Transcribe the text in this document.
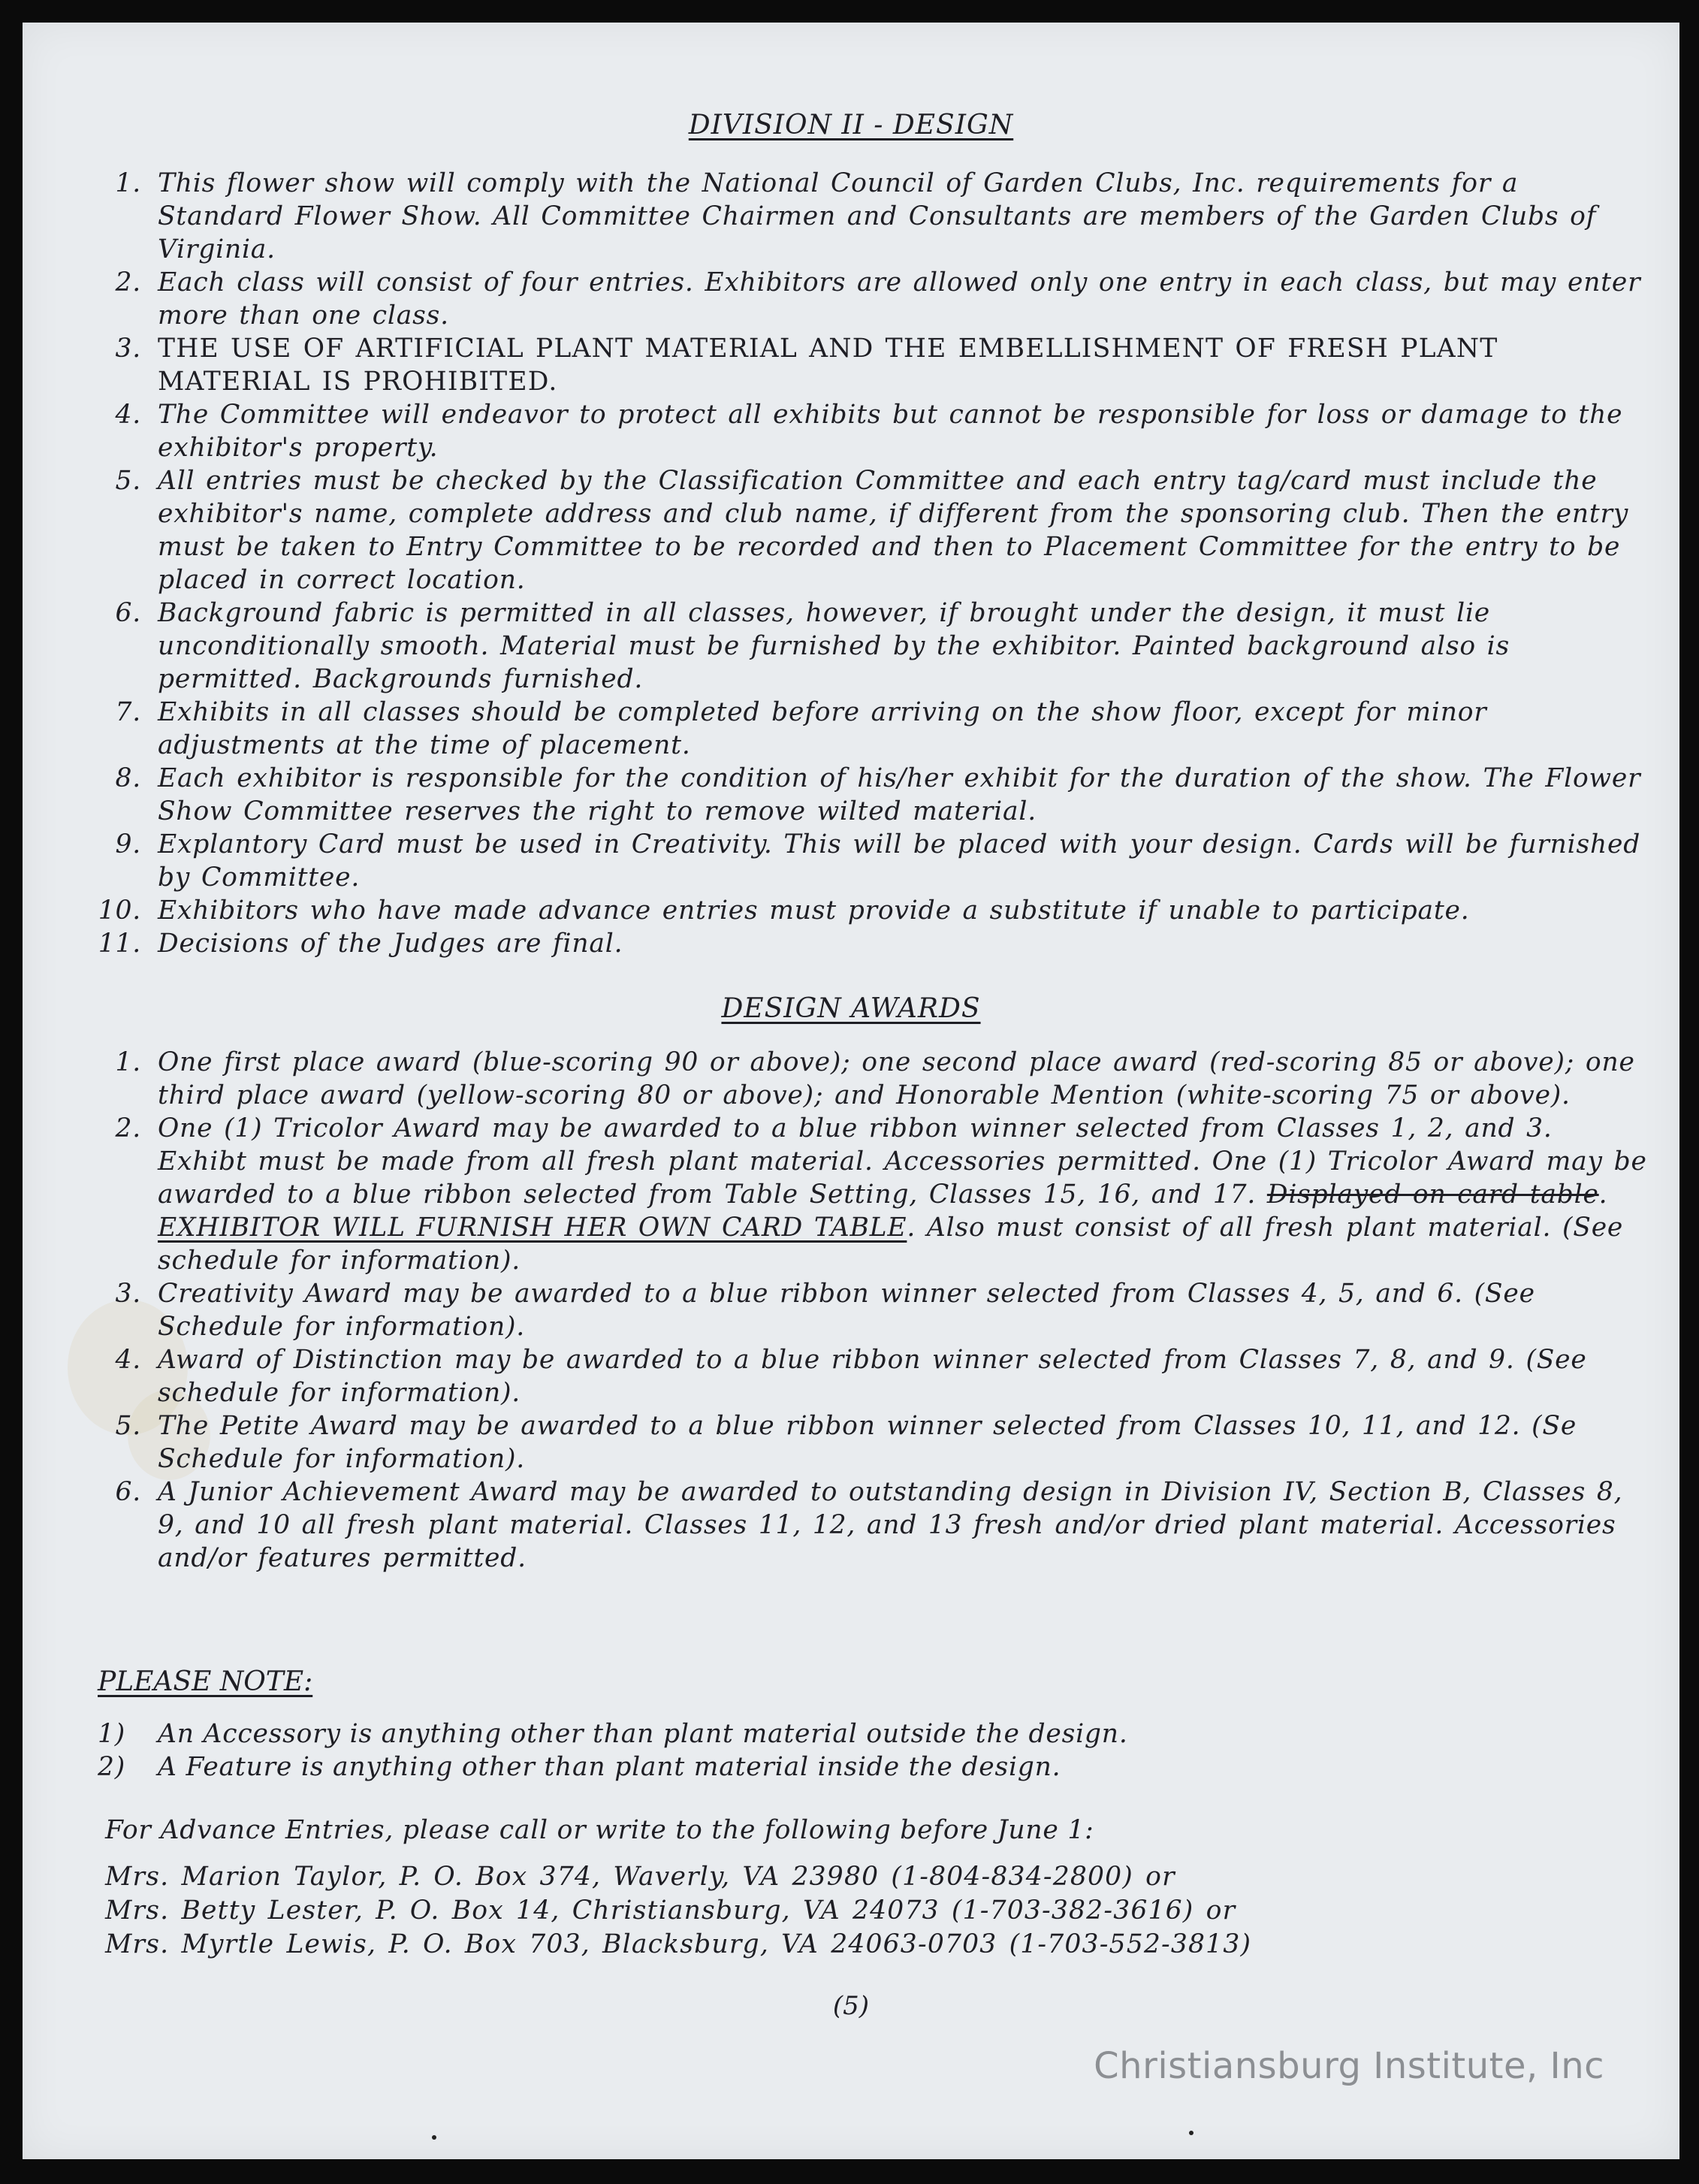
DIVISION II - DESIGN
1. This flower show will comply with the National Council of Garden Clubs, Inc. requirements for a Standard Flower Show. All Committee Chairmen and Consultants are members of the Garden Clubs of Virginia.
2. Each class will consist of four entries. Exhibitors are allowed only one entry in each class, but may enter more than one class.
3. THE USE OF ARTIFICIAL PLANT MATERIAL AND THE EMBELLISHMENT OF FRESH PLANT MATERIAL IS PROHIBITED.
4. The Committee will endeavor to protect all exhibits but cannot be responsible for loss or damage to the exhibitor's property.
5. All entries must be checked by the Classification Committee and each entry tag/card must include the exhibitor's name, complete address and club name, if different from the sponsoring club. Then the entry must be taken to Entry Committee to be recorded and then to Placement Committee for the entry to be placed in correct location.
6. Background fabric is permitted in all classes, however, if brought under the design, it must lie unconditionally smooth. Material must be furnished by the exhibitor. Painted background also is permitted. Backgrounds furnished.
7. Exhibits in all classes should be completed before arriving on the show floor, except for minor adjustments at the time of placement.
8. Each exhibitor is responsible for the condition of his/her exhibit for the duration of the show. The Flower Show Committee reserves the right to remove wilted material.
9. Explantory Card must be used in Creativity. This will be placed with your design. Cards will be furnished by Committee.
10. Exhibitors who have made advance entries must provide a substitute if unable to participate.
11. Decisions of the Judges are final.
DESIGN AWARDS
1. One first place award (blue-scoring 90 or above); one second place award (red-scoring 85 or above); one third place award (yellow-scoring 80 or above); and Honorable Mention (white-scoring 75 or above).
2. One (1) Tricolor Award may be awarded to a blue ribbon winner selected from Classes 1, 2, and 3. Exhibt must be made from all fresh plant material. Accessories permitted. One (1) Tricolor Award may be awarded to a blue ribbon selected from Table Setting, Classes 15, 16, and 17. Displayed on card table. EXHIBITOR WILL FURNISH HER OWN CARD TABLE. Also must consist of all fresh plant material. (See schedule for information).
3. Creativity Award may be awarded to a blue ribbon winner selected from Classes 4, 5, and 6. (See Schedule for information).
4. Award of Distinction may be awarded to a blue ribbon winner selected from Classes 7, 8, and 9. (See schedule for information).
5. The Petite Award may be awarded to a blue ribbon winner selected from Classes 10, 11, and 12. (Se Schedule for information).
6. A Junior Achievement Award may be awarded to outstanding design in Division IV, Section B, Classes 8, 9, and 10 all fresh plant material. Classes 11, 12, and 13 fresh and/or dried plant material. Accessories and/or features permitted.
PLEASE NOTE:
1) An Accessory is anything other than plant material outside the design.
2) A Feature is anything other than plant material inside the design.
For Advance Entries, please call or write to the following before June 1:
Mrs. Marion Taylor, P. O. Box 374, Waverly, VA 23980 (1-804-834-2800) or
Mrs. Betty Lester, P. O. Box 14, Christiansburg, VA 24073 (1-703-382-3616) or
Mrs. Myrtle Lewis, P. O. Box 703, Blacksburg, VA 24063-0703 (1-703-552-3813)
(5)
Christiansburg Institute, Inc
